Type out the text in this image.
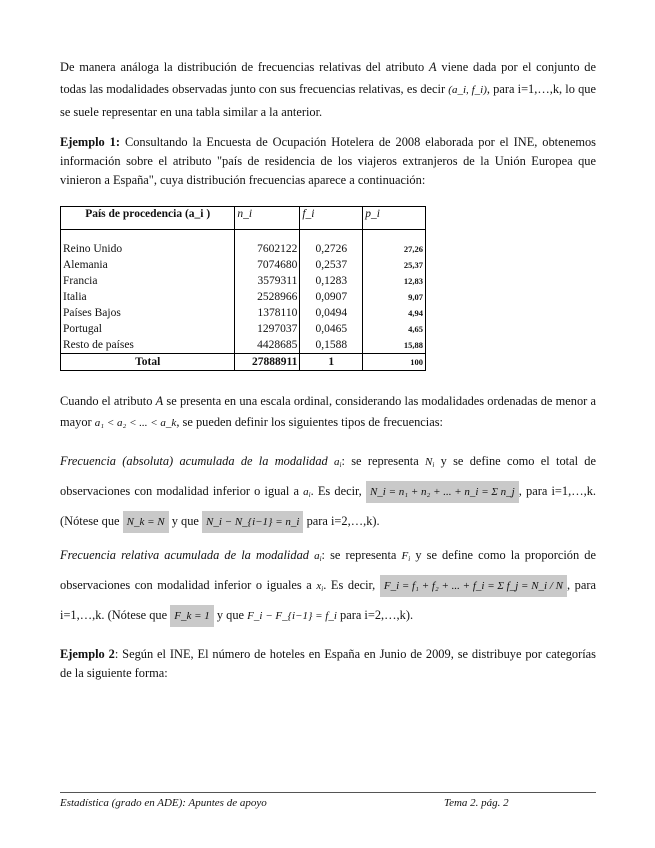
De manera análoga la distribución de frecuencias relativas del atributo A viene dada por el conjunto de todas las modalidades observadas junto con sus frecuencias relativas, es decir (a_i, f_i), para i=1,…,k, lo que se suele representar en una tabla similar a la anterior.

Ejemplo 1: Consultando la Encuesta de Ocupación Hotelera de 2008 elaborada por el INE, obtenemos información sobre el atributo "país de residencia de los viajeros extranjeros de la Unión Europea que vinieron a España", cuya distribución frecuencias aparece a continuación:

País de procedencia (a_i )	n_i	f_i	p_i

Reino Unido	7602122	0,2726	27,26
Alemania	7074680	0,2537	25,37
Francia	3579311	0,1283	12,83
Italia	2528966	0,0907	9,07
Países Bajos	1378110	0,0494	4,94
Portugal	1297037	0,0465	4,65
Resto de países	4428685	0,1588	15,88
Total	27888911	1	100

Cuando el atributo A se presenta en una escala ordinal, considerando las modalidades ordenadas de menor a mayor a₁ < a₂ < ... < a_k, se pueden definir los siguientes tipos de frecuencias:

Frecuencia (absoluta) acumulada de la modalidad $a_i$: se representa $N_i$ y se define como el total de observaciones con modalidad inferior o igual a $a_i$. Es decir, N_i = n₁ + n₂ + ... + n_i = Σ n_j , para i=1,…,k. (Nótese que N_k = N y que N_i − N_{i−1} = n_i para i=2,…,k).

Frecuencia relativa acumulada de la modalidad $a_i$: se representa $F_i$ y se define como la proporción de observaciones con modalidad inferior o iguales a $x_i$. Es decir, F_i = f₁ + f₂ + ... + f_i = Σ f_j = N_i / N , para i=1,…,k. (Nótese que F_k = 1 y que F_i − F_{i−1} = f_i para i=2,…,k).

Ejemplo 2: Según el INE, El número de hoteles en España en Junio de 2009, se distribuye por categorías de la siguiente forma:

Estadística (grado en ADE): Apuntes de apoyo	Tema 2. pág. 2
